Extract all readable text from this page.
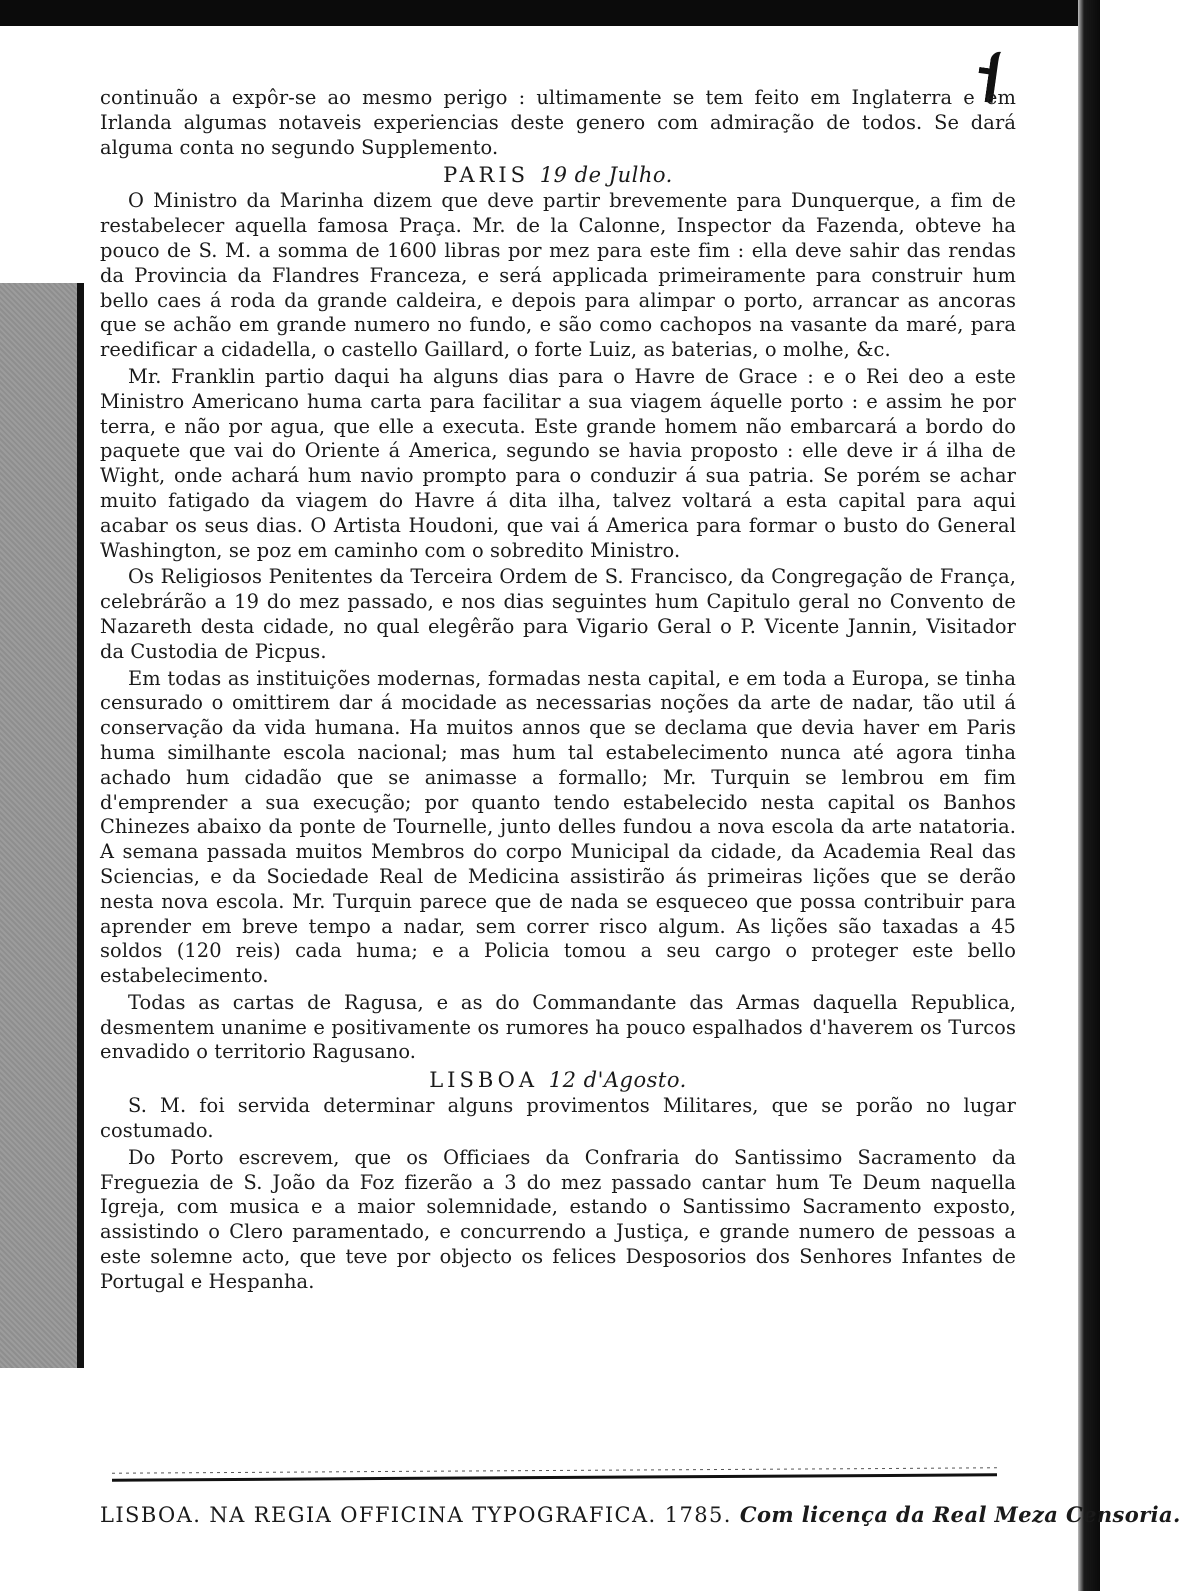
continuão a expôr-se ao mesmo perigo : ultimamente se tem feito em Inglaterra e em Irlanda algumas notaveis experiencias deste genero com admiração de todos. Se dará alguma conta no segundo Supplemento.

PARIS 19 de Julho.

O Ministro da Marinha dizem que deve partir brevemente para Dunquerque, a fim de restabelecer aquella famosa Praça. Mr. de la Calonne, Inspector da Fazenda, obteve ha pouco de S. M. a somma de 1600 libras por mez para este fim : ella deve sahir das rendas da Provincia da Flandres Franceza, e será applicada primeiramente para construir hum bello caes á roda da grande caldeira, e depois para alimpar o porto, arrancar as ancoras que se achão em grande numero no fundo, e são como cachopos na vasante da maré, para reedificar a cidadella, o castello Gaillard, o forte Luiz, as baterias, o molhe, &c.

Mr. Franklin partio daqui ha alguns dias para o Havre de Grace : e o Rei deo a este Ministro Americano huma carta para facilitar a sua viagem áquelle porto : e assim he por terra, e não por agua, que elle a executa. Este grande homem não embarcará a bordo do paquete que vai do Oriente á America, segundo se havia proposto : elle deve ir á ilha de Wight, onde achará hum navio prompto para o conduzir á sua patria. Se porém se achar muito fatigado da viagem do Havre á dita ilha, talvez voltará a esta capital para aqui acabar os seus dias. O Artista Houdoni, que vai á America para formar o busto do General Washington, se poz em caminho com o sobredito Ministro.

Os Religiosos Penitentes da Terceira Ordem de S. Francisco, da Congregação de França, celebrárão a 19 do mez passado, e nos dias seguintes hum Capitulo geral no Convento de Nazareth desta cidade, no qual elegêrão para Vigario Geral o P. Vicente Jannin, Visitador da Custodia de Picpus.

Em todas as instituições modernas, formadas nesta capital, e em toda a Europa, se tinha censurado o omittirem dar á mocidade as necessarias noções da arte de nadar, tão util á conservação da vida humana. Ha muitos annos que se declama que devia haver em Paris huma similhante escola nacional; mas hum tal estabelecimento nunca até agora tinha achado hum cidadão que se animasse a formallo; Mr. Turquin se lembrou em fim d'emprender a sua execução; por quanto tendo estabelecido nesta capital os Banhos Chinezes abaixo da ponte de Tournelle, junto delles fundou a nova escola da arte natatoria. A semana passada muitos Membros do corpo Municipal da cidade, da Academia Real das Sciencias, e da Sociedade Real de Medicina assistirão ás primeiras lições que se derão nesta nova escola. Mr. Turquin parece que de nada se esqueceo que possa contribuir para aprender em breve tempo a nadar, sem correr risco algum. As lições são taxadas a 45 soldos (120 reis) cada huma; e a Policia tomou a seu cargo o proteger este bello estabelecimento.

Todas as cartas de Ragusa, e as do Commandante das Armas daquella Republica, desmentem unanime e positivamente os rumores ha pouco espalhados d'haverem os Turcos envadido o territorio Ragusano.

LISBOA 12 d'Agosto.

S. M. foi servida determinar alguns provimentos Militares, que se porão no lugar costumado.

Do Porto escrevem, que os Officiaes da Confraria do Santissimo Sacramento da Freguezia de S. João da Foz fizerão a 3 do mez passado cantar hum Te Deum naquella Igreja, com musica e a maior solemnidade, estando o Santissimo Sacramento exposto, assistindo o Clero paramentado, e concurrendo a Justiça, e grande numero de pessoas a este solemne acto, que teve por objecto os felices Desposorios dos Senhores Infantes de Portugal e Hespanha.

LISBOA. NA REGIA OFFICINA TYPOGRAFICA. 1785. Com licença da Real Meza Censoria.
